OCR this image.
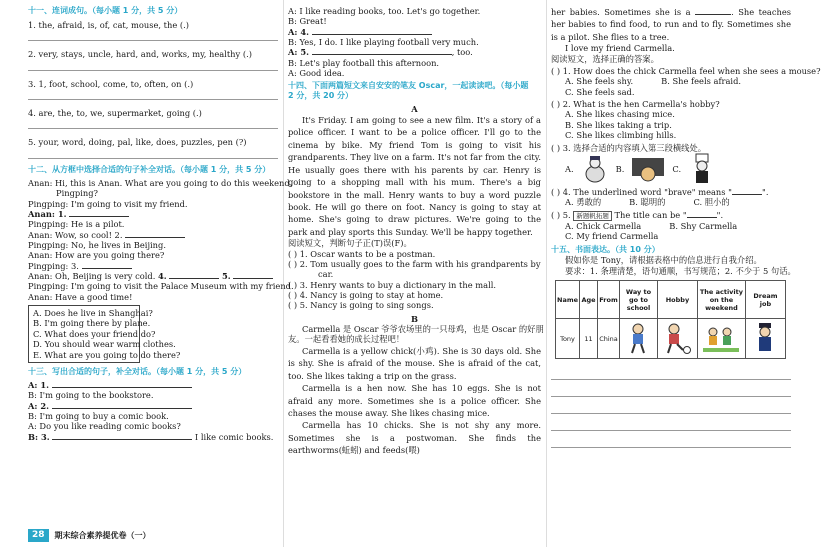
十一、连词成句。（每小题 1 分，共 5 分）
1. the, afraid, is, of, cat, mouse, the (.)
2. very, stays, uncle, hard, and, works, my, healthy (.)
3. 1, foot, school, come, to, often, on (.)
4. are, the, to, we, supermarket, going (.)
5. your, word, doing, pal, like, does, puzzles, pen (?)
十二、从方框中选择合适的句子补全对话。（每小题 1 分，共 5 分）
Anan: Hi, this is Anan. What are you going to do this weekend,
Pingping?
Pingping: I'm going to visit my friend.
Anan: 1.
Pingping: He is a pilot.
Anan: Wow, so cool! 2.
Pingping: No, he lives in Beijing.
Anan: How are you going there?
Pingping: 3.
Anan: Oh, Beijing is very cold. 4.	5.
Pingping: I'm going to visit the Palace Museum with my friend.
Anan: Have a good time!
A. Does he live in Shanghai?
B. I'm going there by plane.
C. What does your friend do?
D. You should wear warm clothes.
E. What are you going to do there?
十三、写出合适的句子，补全对话。（每小题 1 分，共 5 分）
A: 1.
B: I'm going to the bookstore.
A: 2.
B: I'm going to buy a comic book.
A: Do you like reading comic books?
B: 3.	I like comic books.
A: I like reading books, too. Let's go together.
B: Great!
A: 4.
B: Yes, I do. I like playing football very much.
A: 5.	, too.
B: Let's play football this afternoon.
A: Good idea.
十四、下面两篇短文来自安安的笔友 Oscar，一起读读吧。（每小题
2 分，共 20 分）
A
It's Friday. I am going to see a new film. It's a story of a police officer. I want to be a police officer. I'll go to the cinema by bike. My friend Tom is going to visit his grandparents. They live on a farm. It's not far from the city. He usually goes there with his parents by car. Henry is going to a shopping mall with his mum. There's a big bookstore in the mall. Henry wants to buy a word puzzle book. He will go there on foot. Nancy is going to stay at home. She's going to draw pictures. We're going to the park and play sports this Sunday. We'll be happy together.
阅读短文，判断句子正(T)误(F)。
( ) 1. Oscar wants to be a postman.
( ) 2. Tom usually goes to the farm with his grandparents by
car.
( ) 3. Henry wants to buy a dictionary in the mall.
( ) 4. Nancy is going to stay at home.
( ) 5. Nancy is going to sing songs.
B
Carmella 是 Oscar 爷爷农场里的一只母鸡，也是 Oscar 的好朋
友。一起看看她的成长过程吧！
Carmella is a yellow chick(小鸡). She is 30 days old. She is shy. She is afraid of the mouse. She is afraid of the cat, too. She likes taking a trip on the grass.
Carmella is a hen now. She has 10 eggs. She is not afraid any more. Sometimes she is a police officer. She chases the mouse away. She likes chasing mice.
Carmella has 10 chicks. She is not shy any more. Sometimes she is a postwoman. She finds the earthworms(蚯蚓) and feeds(喂)
her babies. Sometimes she is a	. She teaches her babies to find food, to run and to fly. Sometimes she is a pilot. She flies to a tree.
I love my friend Carmella.
阅读短文，选择正确的答案。
( ) 1. How does the chick Carmella feel when she sees a mouse?
A. She feels shy.	B. She feels afraid.
C. She feels sad.
( ) 2. What is the hen Carmella's hobby?
A. She likes chasing mice.
B. She likes taking a trip.
C. She likes climbing hills.
( ) 3. 选择合适的内容填入第三段横线处。
A.	B.	C.
( ) 4. The underlined word "brave" means "	".
A. 勇敢的	B. 聪明的	C. 胆小的
( ) 5. 新题帆拓题 The title can be "	".
A. Chick Carmella	B. Shy Carmella
C. My friend Carmella
十五、书面表达。（共 10 分）
假如你是 Tony，请根据表格中的信息进行自我介绍。
要求：1. 条理清楚，语句通顺，书写规范；2. 不少于 5 句话。
Name	Age	From	Way to go to school	Hobby	The activity on the weekend	Dream job
Tony	11	China				
28	期末综合素养提优卷（一）
